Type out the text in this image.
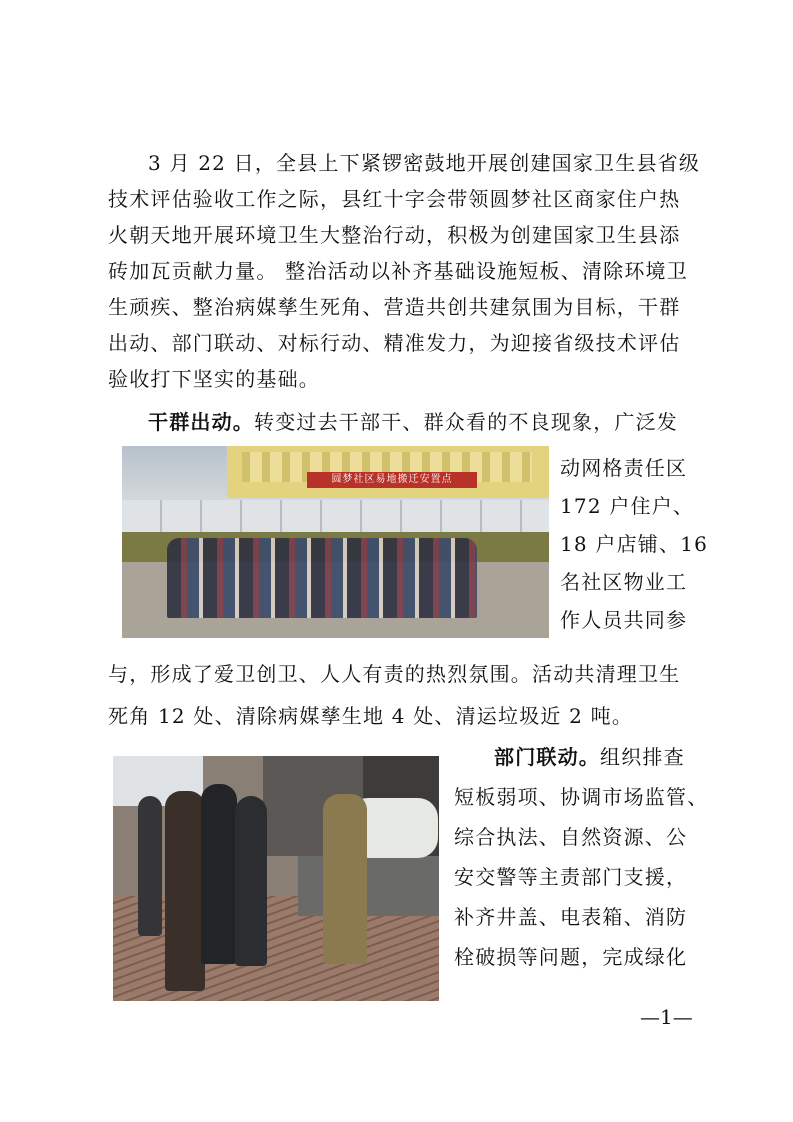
3 月 22 日，全县上下紧锣密鼓地开展创建国家卫生县省级
技术评估验收工作之际，县红十字会带领圆梦社区商家住户热
火朝天地开展环境卫生大整治行动，积极为创建国家卫生县添
砖加瓦贡献力量。 整治活动以补齐基础设施短板、清除环境卫
生顽疾、整治病媒孳生死角、营造共创共建氛围为目标，干群
出动、部门联动、对标行动、精准发力，为迎接省级技术评估
验收打下坚实的基础。
干群出动。转变过去干部干、群众看的不良现象，广泛发
圆梦社区易地搬迁安置点	动网格责任区
172 户住户、
18 户店铺、16
名社区物业工
作人员共同参
与，形成了爱卫创卫、人人有责的热烈氛围。活动共清理卫生
死角 12 处、清除病媒孳生地 4 处、清运垃圾近 2 吨。
部门联动。组织排查
短板弱项、协调市场监管、
综合执法、自然资源、公
安交警等主责部门支援，
补齐井盖、电表箱、消防
栓破损等问题，完成绿化
—1—
